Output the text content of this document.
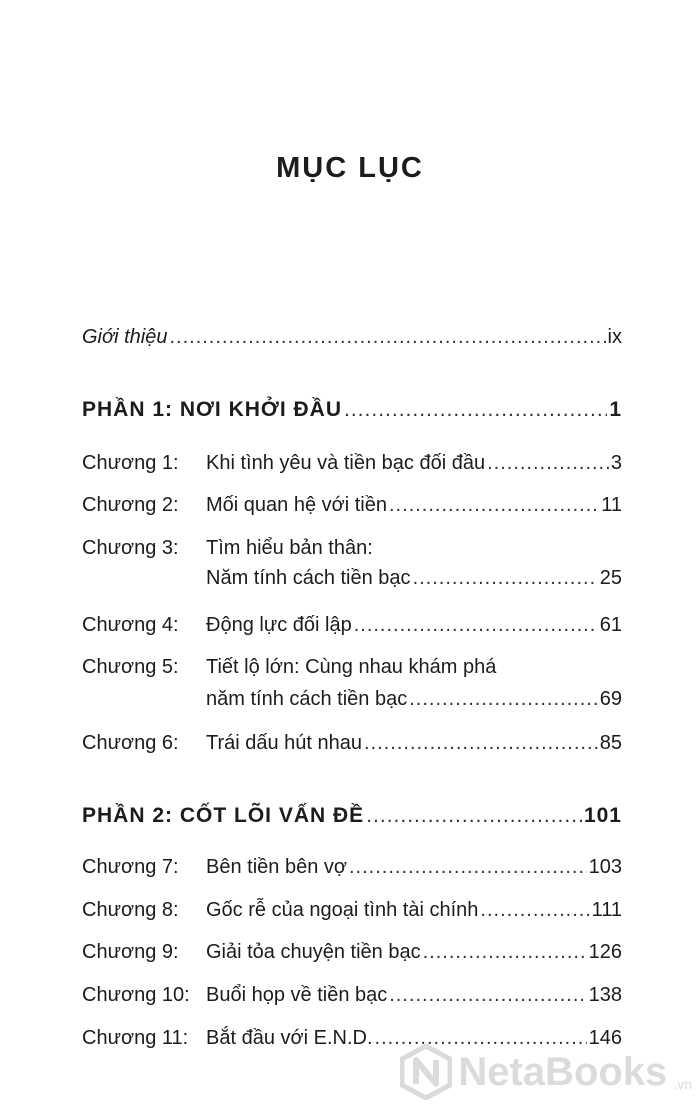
MỤC LỤC
Giới thiệu .....	ix
PHẦN 1: NƠI KHỞI ĐẦU .....	1
Chương 1:	Khi tình yêu và tiền bạc đối đầu .....	3
Chương 2:	Mối quan hệ với tiền .....	11
Chương 3:	Tìm hiểu bản thân:
Năm tính cách tiền bạc .....	25
Chương 4:	Động lực đối lập .....	61
Chương 5:	Tiết lộ lớn: Cùng nhau khám phá
năm tính cách tiền bạc .....	69
Chương 6:	Trái dấu hút nhau .....	85
PHẦN 2: CỐT LÕI VẤN ĐỀ .....	101
Chương 7:	Bên tiền bên vợ .....	103
Chương 8:	Gốc rễ của ngoại tình tài chính .....	111
Chương 9:	Giải tỏa chuyện tiền bạc .....	126
Chương 10: Buổi họp về tiền bạc .....	138
Chương 11: Bắt đầu với E.N.D. .....	146
NetaBooks .vn
